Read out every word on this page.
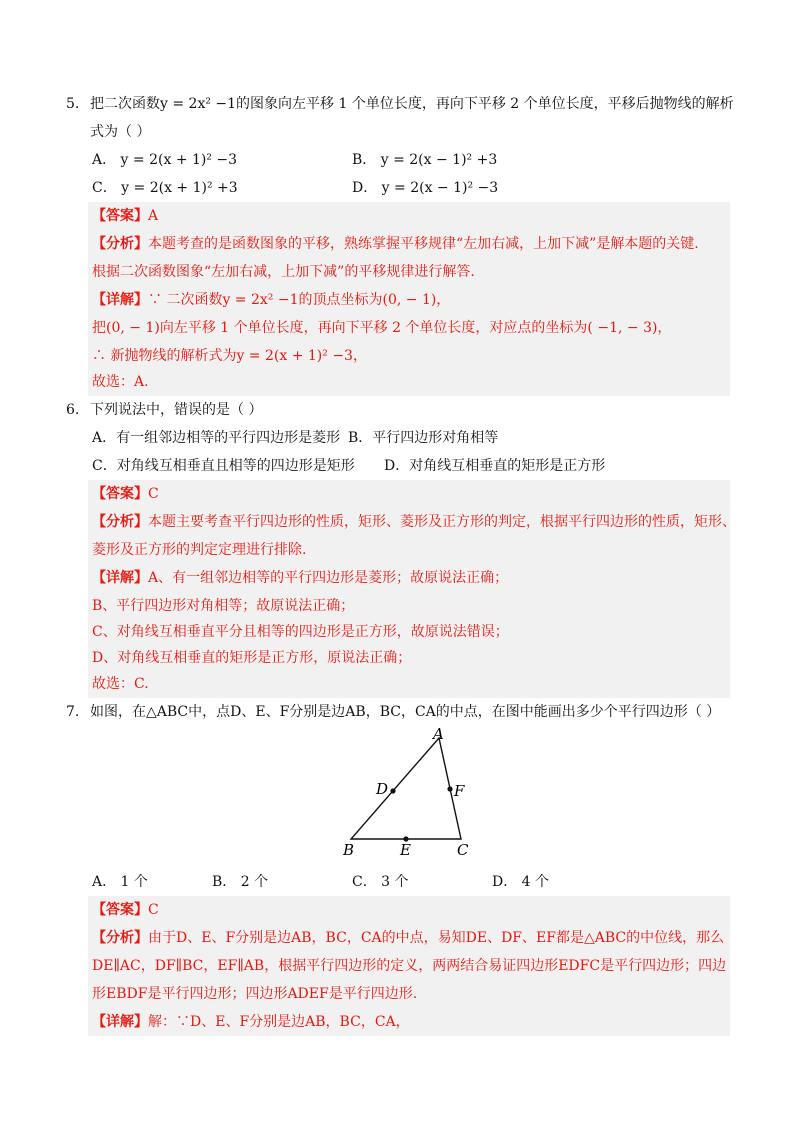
5. 把二次函数y = 2x² −1的图象向左平移 1 个单位长度，再向下平移 2 个单位长度，平移后抛物线的解析
式为（ ）
A． y = 2(x + 1)² −3	B． y = 2(x − 1)² +3
C． y = 2(x + 1)² +3	D． y = 2(x − 1)² −3
【答案】A
【分析】本题考查的是函数图象的平移，熟练掌握平移规律“左加右减，上加下减”是解本题的关键.
根据二次函数图象“左加右减，上加下减”的平移规律进行解答.
【详解】∵ 二次函数y = 2x² −1的顶点坐标为(0, − 1)，
把(0, − 1)向左平移 1 个单位长度，再向下平移 2 个单位长度，对应点的坐标为( −1, − 3)，
∴ 新抛物线的解析式为y = 2(x + 1)² −3，
故选：A.
6. 下列说法中，错误的是（ ）
A．有一组邻边相等的平行四边形是菱形 B．平行四边形对角相等
C．对角线互相垂直且相等的四边形是矩形 D．对角线互相垂直的矩形是正方形
【答案】C
【分析】本题主要考查平行四边形的性质，矩形、菱形及正方形的判定，根据平行四边形的性质，矩形、
菱形及正方形的判定定理进行排除.
【详解】A、有一组邻边相等的平行四边形是菱形；故原说法正确；
B、平行四边形对角相等；故原说法正确；
C、对角线互相垂直平分且相等的四边形是正方形，故原说法错误；
D、对角线互相垂直的矩形是正方形，原说法正确；
故选：C.
7. 如图，在△ABC中，点D、E、F分别是边AB，BC，CA的中点，在图中能画出多少个平行四边形（ ）
A
D	F
B	E	C
A． 1 个	B． 2 个	C． 3 个	D． 4 个
【答案】C
【分析】由于D、E、F分别是边AB，BC，CA的中点，易知DE、DF、EF都是△ABC的中位线，那么
DE∥AC，DF∥BC，EF∥AB，根据平行四边形的定义，两两结合易证四边形EDFC是平行四边形；四边
形EBDF是平行四边形；四边形ADEF是平行四边形.
【详解】解：∵D、E、F分别是边AB，BC，CA，
